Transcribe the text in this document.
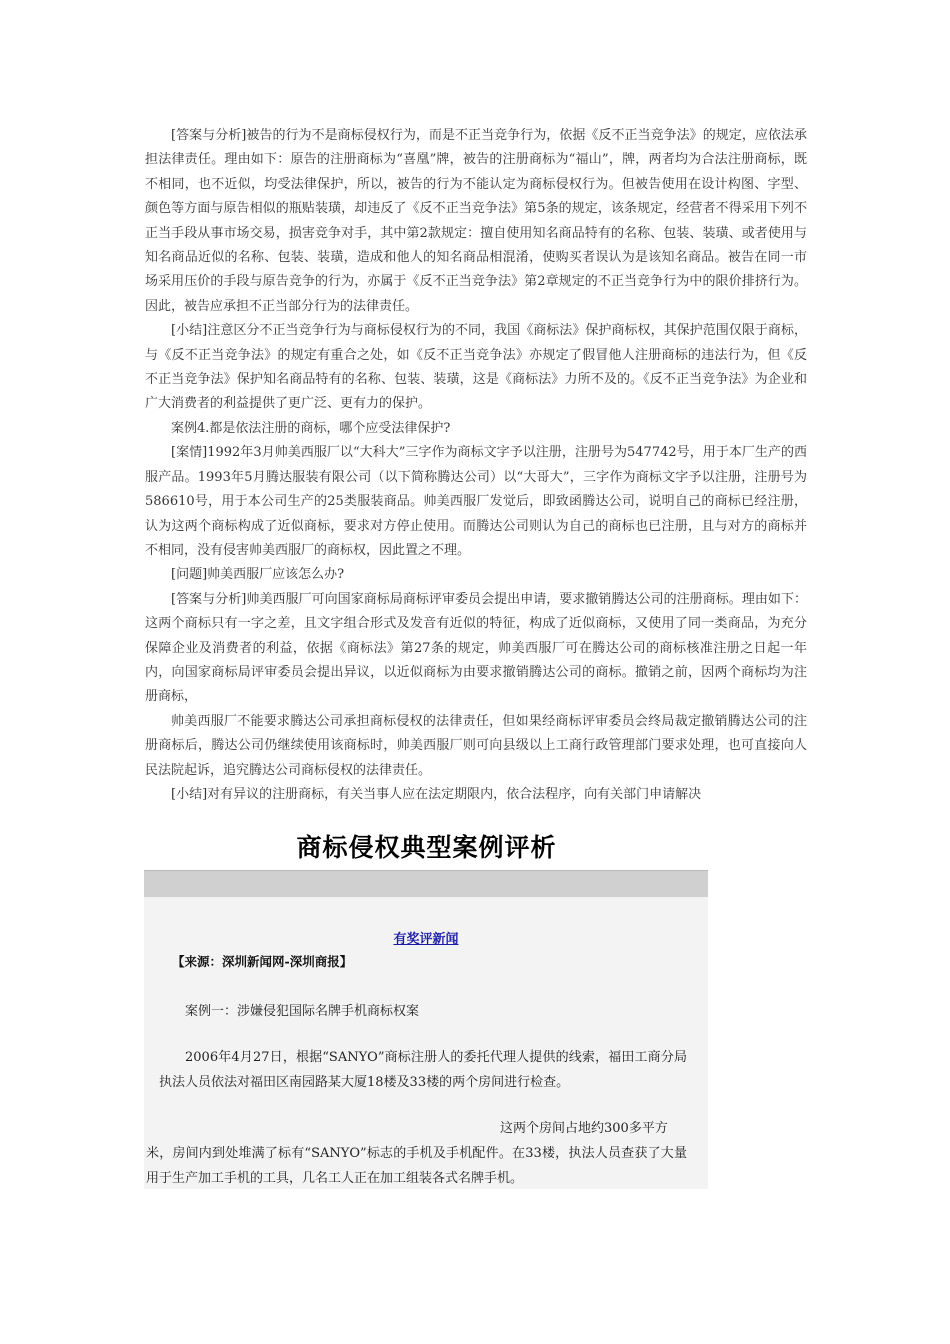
[答案与分析]被告的行为不是商标侵权行为，而是不正当竞争行为，依据《反不正当竞争法》的规定，应依法承担法律责任。理由如下：原告的注册商标为“喜凰”牌，被告的注册商标为“福山”，牌，两者均为合法注册商标，既不相同，也不近似，均受法律保护，所以，被告的行为不能认定为商标侵权行为。但被告使用在设计构图、字型、颜色等方面与原告相似的瓶贴装璜，却违反了《反不正当竞争法》第5条的规定，该条规定，经营者不得采用下列不正当手段从事市场交易，损害竞争对手，其中第2款规定：擅自使用知名商品特有的名称、包装、装璜、或者使用与知名商品近似的名称、包装、装璜，造成和他人的知名商品相混淆，使购买者误认为是该知名商品。被告在同一市场采用压价的手段与原告竞争的行为，亦属于《反不正当竞争法》第2章规定的不正当竞争行为中的限价排挤行为。因此，被告应承担不正当部分行为的法律责任。

[小结]注意区分不正当竞争行为与商标侵权行为的不同，我国《商标法》保护商标权，其保护范围仅限于商标，与《反不正当竞争法》的规定有重合之处，如《反不正当竞争法》亦规定了假冒他人注册商标的违法行为，但《反不正当竞争法》保护知名商品特有的名称、包装、装璜，这是《商标法》力所不及的。《反不正当竞争法》为企业和广大消费者的利益提供了更广泛、更有力的保护。

案例4.都是依法注册的商标，哪个应受法律保护?

[案情]1992年3月帅美西服厂以“大科大”三字作为商标文字予以注册，注册号为547742号，用于本厂生产的西服产品。1993年5月腾达服装有限公司（以下简称腾达公司）以“大哥大”，三字作为商标文字予以注册，注册号为586610号，用于本公司生产的25类服装商品。帅美西服厂发觉后，即致函腾达公司，说明自己的商标已经注册，认为这两个商标构成了近似商标，要求对方停止使用。而腾达公司则认为自己的商标也已注册，且与对方的商标并不相同，没有侵害帅美西服厂的商标权，因此置之不理。

[问题]帅美西服厂应该怎么办?

[答案与分析]帅美西服厂可向国家商标局商标评审委员会提出申请，要求撤销腾达公司的注册商标。理由如下：这两个商标只有一字之差，且文字组合形式及发音有近似的特征，构成了近似商标，又使用了同一类商品，为充分保障企业及消费者的利益，依据《商标法》第27条的规定，帅美西服厂可在腾达公司的商标核准注册之日起一年内，向国家商标局评审委员会提出异议，以近似商标为由要求撤销腾达公司的商标。撤销之前，因两个商标均为注册商标，

帅美西服厂不能要求腾达公司承担商标侵权的法律责任，但如果经商标评审委员会终局裁定撤销腾达公司的注册商标后，腾达公司仍继续使用该商标时，帅美西服厂则可向县级以上工商行政管理部门要求处理，也可直接向人民法院起诉，追究腾达公司商标侵权的法律责任。

[小结]对有异议的注册商标，有关当事人应在法定期限内，依合法程序，向有关部门申请解决

商标侵权典型案例评析
有奖评新闻
【来源：深圳新闻网-深圳商报】
案例一：涉嫌侵犯国际名牌手机商标权案
2006年4月27日，根据“SANYO”商标注册人的委托代理人提供的线索，福田工商分局执法人员依法对福田区南园路某大厦18楼及33楼的两个房间进行检查。
这两个房间占地约300多平方
米，房间内到处堆满了标有“SANYO”标志的手机及手机配件。在33楼，执法人员查获了大量用于生产加工手机的工具，几名工人正在加工组装各式名牌手机。
